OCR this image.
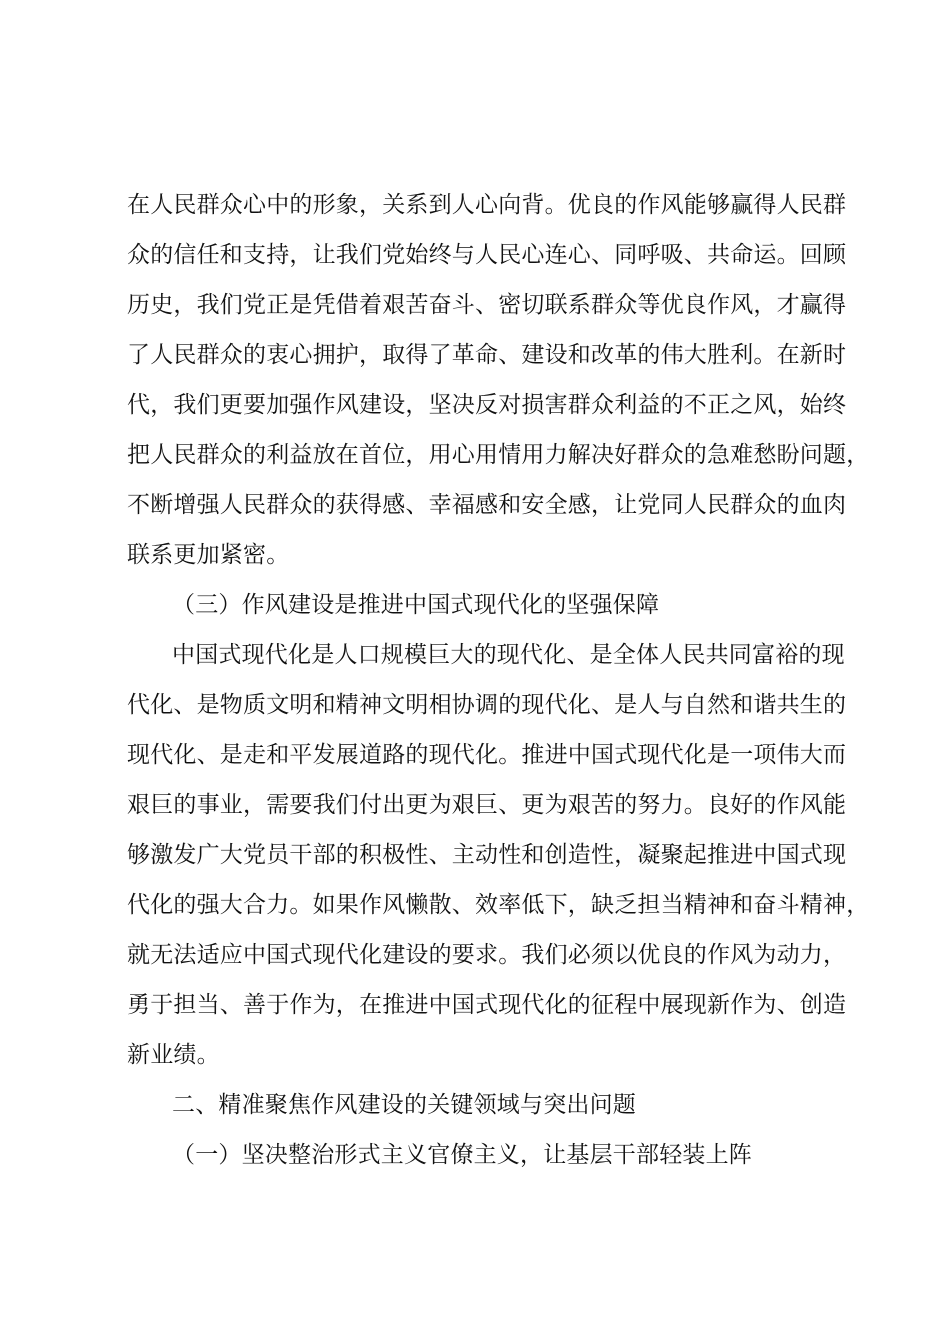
在人民群众心中的形象，关系到人心向背。优良的作风能够赢得人民群
众的信任和支持，让我们党始终与人民心连心、同呼吸、共命运。回顾
历史，我们党正是凭借着艰苦奋斗、密切联系群众等优良作风，才赢得
了人民群众的衷心拥护，取得了革命、建设和改革的伟大胜利。在新时
代，我们更要加强作风建设，坚决反对损害群众利益的不正之风，始终
把人民群众的利益放在首位，用心用情用力解决好群众的急难愁盼问题，
不断增强人民群众的获得感、幸福感和安全感，让党同人民群众的血肉
联系更加紧密。
（三）作风建设是推进中国式现代化的坚强保障
中国式现代化是人口规模巨大的现代化、是全体人民共同富裕的现
代化、是物质文明和精神文明相协调的现代化、是人与自然和谐共生的
现代化、是走和平发展道路的现代化。推进中国式现代化是一项伟大而
艰巨的事业，需要我们付出更为艰巨、更为艰苦的努力。良好的作风能
够激发广大党员干部的积极性、主动性和创造性，凝聚起推进中国式现
代化的强大合力。如果作风懒散、效率低下，缺乏担当精神和奋斗精神，
就无法适应中国式现代化建设的要求。我们必须以优良的作风为动力，
勇于担当、善于作为，在推进中国式现代化的征程中展现新作为、创造
新业绩。
二、精准聚焦作风建设的关键领域与突出问题
（一）坚决整治形式主义官僚主义，让基层干部轻装上阵
